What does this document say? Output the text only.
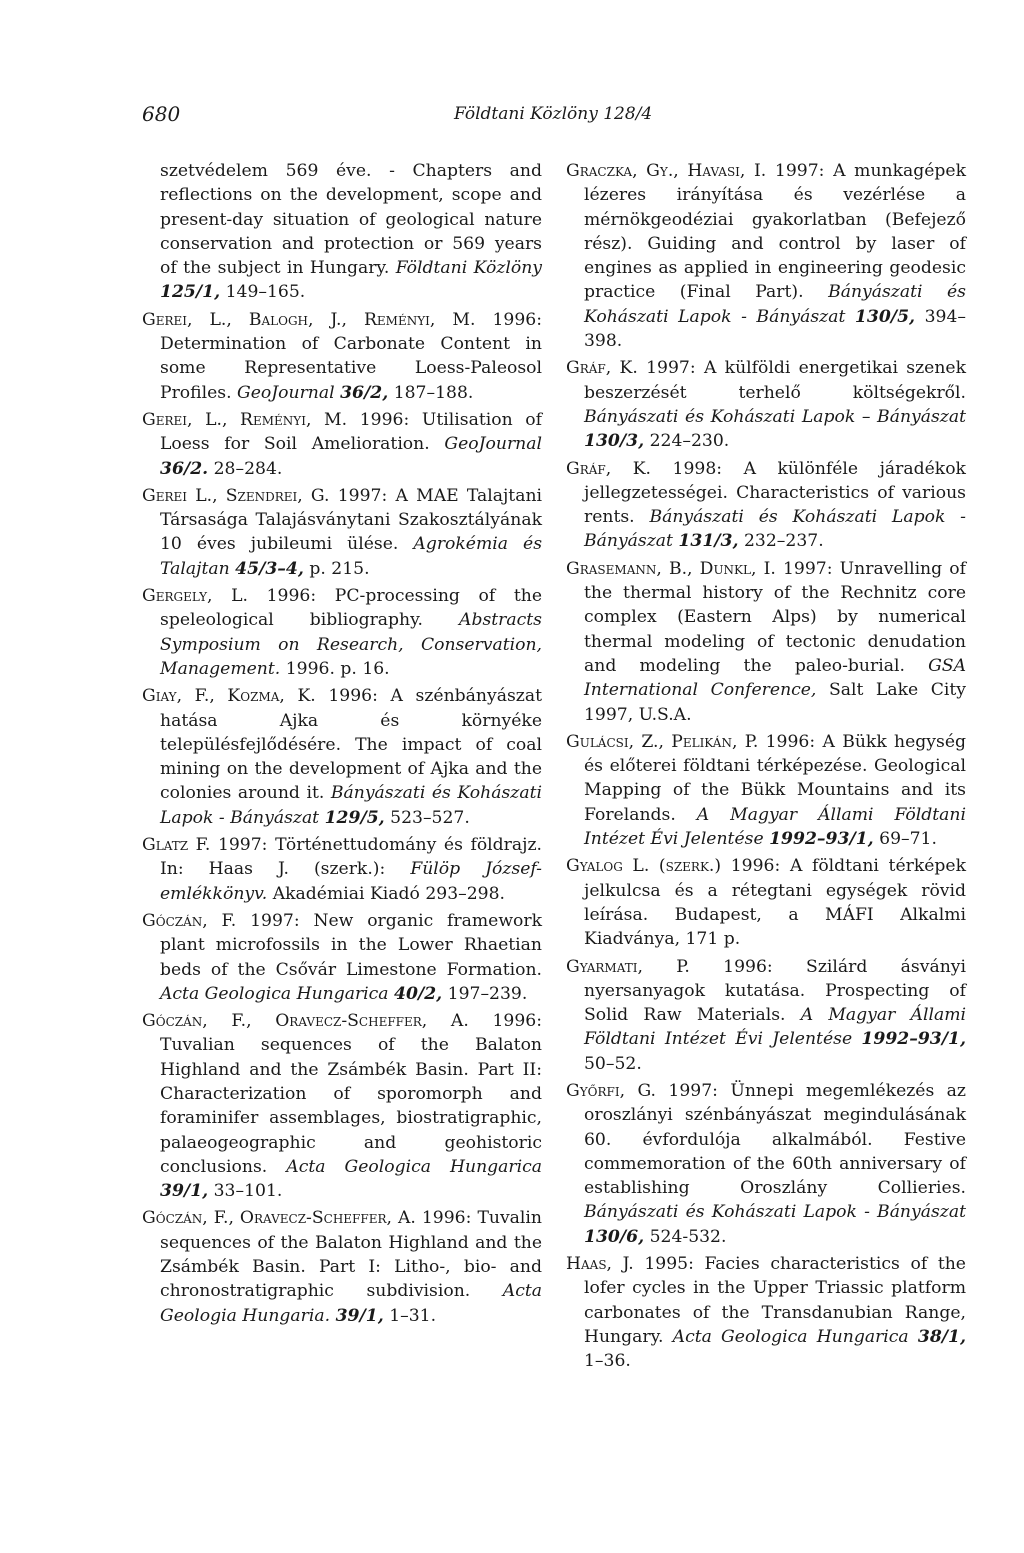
680	Földtani Közlöny 128/4

szetvédelem 569 éve. - Chapters and reflections on the development, scope and present-day situation of geological nature conservation and protection or 569 years of the subject in Hungary. Földtani Közlöny 125/1, 149–165.

Gerei, L., Balogh, J., Reményi, M. 1996: Determination of Carbonate Content in some Representative Loess-Paleosol Profiles. GeoJournal 36/2, 187–188.

Gerei, L., Reményi, M. 1996: Utilisation of Loess for Soil Amelioration. GeoJournal 36/2. 28–284.

Gerei L., Szendrei, G. 1997: A MAE Talajtani Társasága Talajásványtani Szakosztályának 10 éves jubileumi ülése. Agrokémia és Talajtan 45/3–4, p. 215.

Gergely, L. 1996: PC-processing of the speleological bibliography. Abstracts Symposium on Research, Conservation, Management. 1996. p. 16.

Giay, F., Kozma, K. 1996: A szénbányászat hatása Ajka és környéke településfejlődésére. The impact of coal mining on the development of Ajka and the colonies around it. Bányászati és Kohászati Lapok - Bányászat 129/5, 523–527.

Glatz F. 1997: Történettudomány és földrajz. In: Haas J. (szerk.): Fülöp József-emlékkönyv. Akadémiai Kiadó 293–298.

Góczán, F. 1997: New organic framework plant microfossils in the Lower Rhaetian beds of the Csővár Limestone Formation. Acta Geologica Hungarica 40/2, 197–239.

Góczán, F., Oravecz-Scheffer, A. 1996: Tuvalian sequences of the Balaton Highland and the Zsámbék Basin. Part II: Characterization of sporomorph and foraminifer assemblages, biostratigraphic, palaeogeographic and geohistoric conclusions. Acta Geologica Hungarica 39/1, 33–101.

Góczán, F., Oravecz-Scheffer, A. 1996: Tuvalin sequences of the Balaton Highland and the Zsámbék Basin. Part I: Litho-, bio- and chronostratigraphic subdivision. Acta Geologia Hungaria. 39/1, 1–31.

Graczka, Gy., Havasi, I. 1997: A munkagépek lézeres irányítása és vezérlése a mérnökgeodéziai gyakorlatban (Befejező rész). Guiding and control by laser of engines as applied in engineering geodesic practice (Final Part). Bányászati és Kohászati Lapok - Bányászat 130/5, 394–398.

Gráf, K. 1997: A külföldi energetikai szenek beszerzését terhelő költségekről. Bányászati és Kohászati Lapok – Bányászat 130/3, 224–230.

Gráf, K. 1998: A különféle járadékok jellegzetességei. Characteristics of various rents. Bányászati és Kohászati Lapok - Bányászat 131/3, 232–237.

Grasemann, B., Dunkl, I. 1997: Unravelling of the thermal history of the Rechnitz core complex (Eastern Alps) by numerical thermal modeling of tectonic denudation and modeling the paleo-burial. GSA International Conference, Salt Lake City 1997, U.S.A.

Gulácsi, Z., Pelikán, P. 1996: A Bükk hegység és előterei földtani térképezése. Geological Mapping of the Bükk Mountains and its Forelands. A Magyar Állami Földtani Intézet Évi Jelentése 1992–93/1, 69–71.

Gyalog L. (szerk.) 1996: A földtani térképek jelkulcsa és a rétegtani egységek rövid leírása. Budapest, a MÁFI Alkalmi Kiadványa, 171 p.

Gyarmati, P. 1996: Szilárd ásványi nyersanyagok kutatása. Prospecting of Solid Raw Materials. A Magyar Állami Földtani Intézet Évi Jelentése 1992–93/1, 50–52.

Győrfi, G. 1997: Ünnepi megemlékezés az oroszlányi szénbányászat megindulásának 60. évfordulója alkalmából. Festive commemoration of the 60th anniversary of establishing Oroszlány Collieries. Bányászati és Kohászati Lapok - Bányászat 130/6, 524-532.

Haas, J. 1995: Facies characteristics of the lofer cycles in the Upper Triassic platform carbonates of the Transdanubian Range, Hungary. Acta Geologica Hungarica 38/1, 1–36.
